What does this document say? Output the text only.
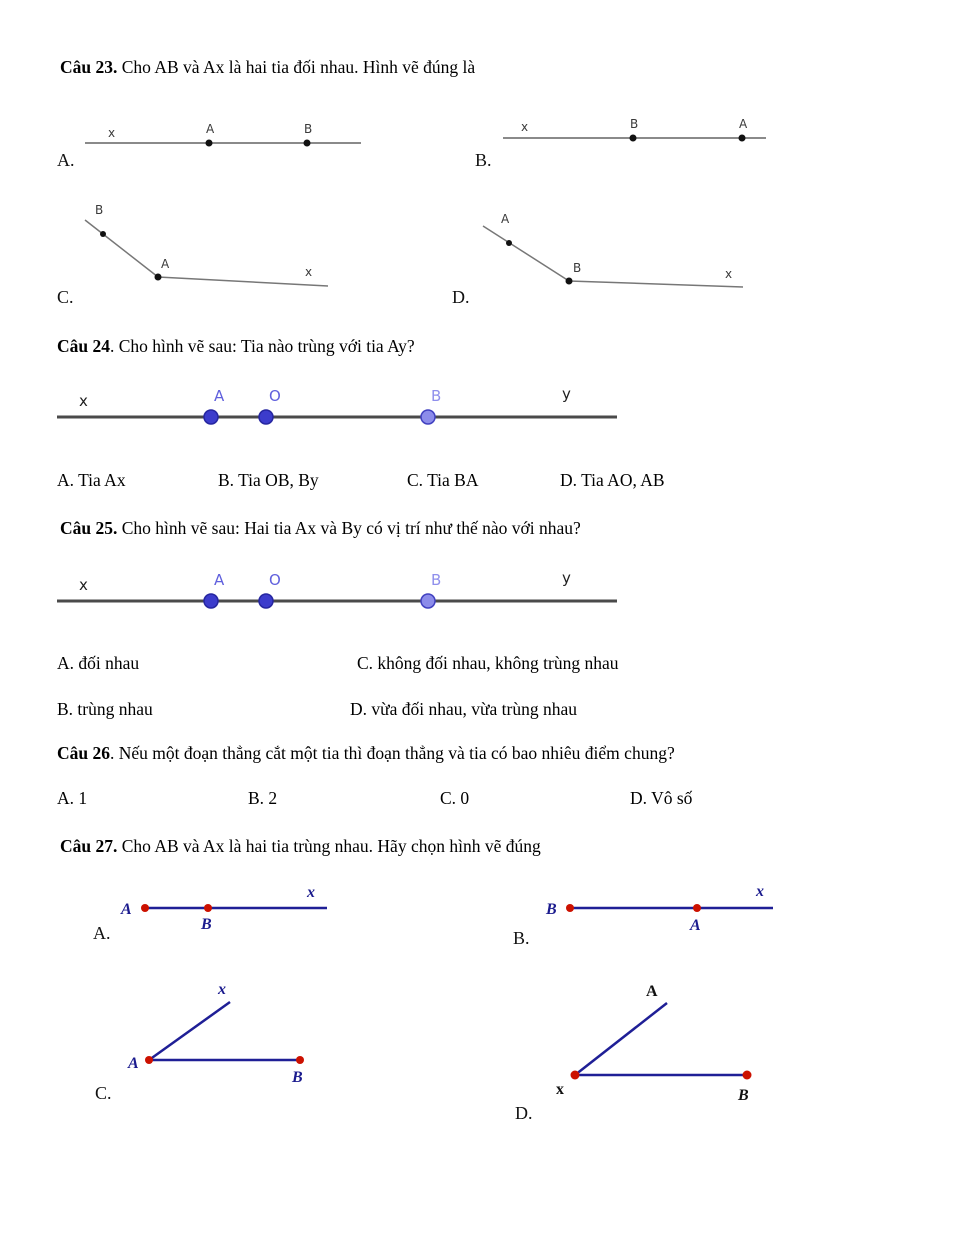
Câu 23. Cho AB và Ax là hai tia đối nhau. Hình vẽ đúng là

x	A	B

A.

x	B	A

B.

B
A
x

C.

A
B	x

D.

Câu 24. Cho hình vẽ sau: Tia nào trùng với tia Ay?

x	A	O	B	y

A. Tia Ax	B. Tia OB, By	C. Tia BA	D. Tia AO, AB

Câu 25. Cho hình vẽ sau: Hai tia Ax và By có vị trí như thế nào với nhau?

x	A	O	B	y

A. đối nhau	C. không đối nhau, không trùng nhau

B. trùng nhau	D. vừa đối nhau, vừa trùng nhau

Câu 26. Nếu một đoạn thẳng cắt một tia thì đoạn thẳng và tia có bao nhiêu điểm chung?

A. 1	B. 2	C. 0	D. Vô số

Câu 27. Cho AB và Ax là hai tia trùng nhau. Hãy chọn hình vẽ đúng

A
B
x

A.

B
A
x

B.

x
A
B

C.

A
x	B

D.
